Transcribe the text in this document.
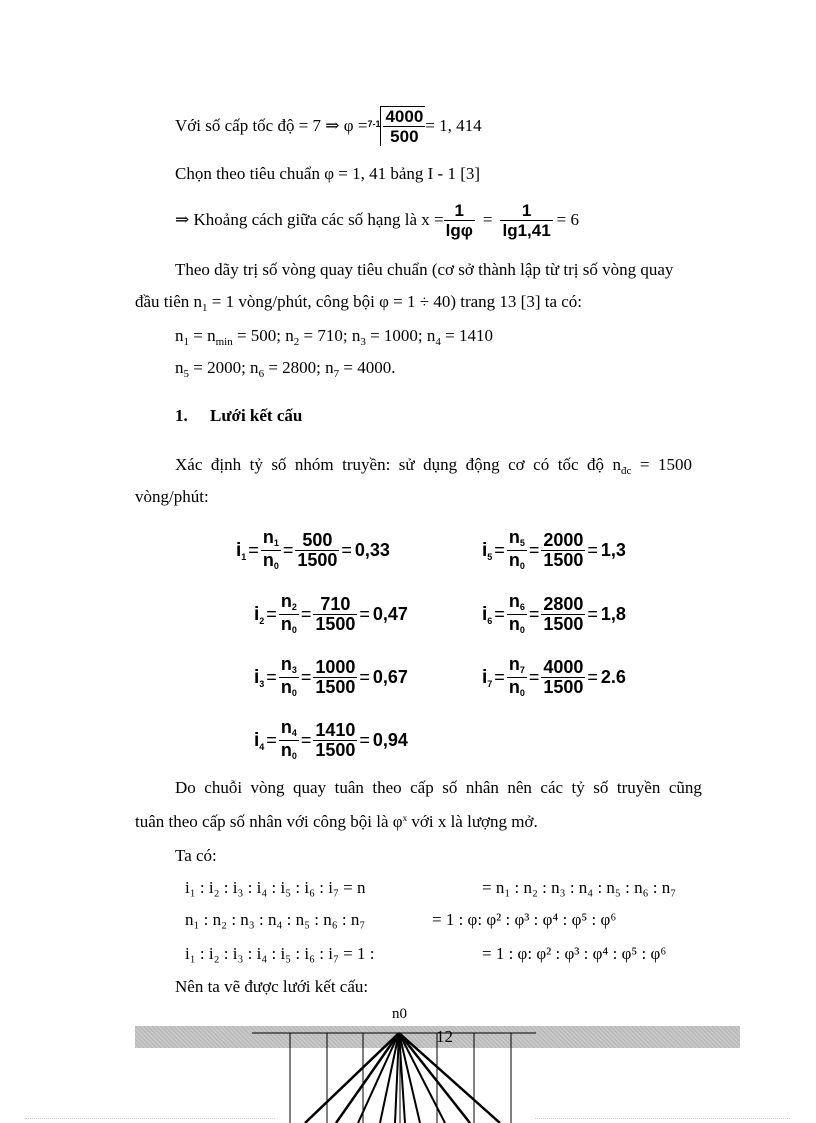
Với số cấp tốc độ = 7 ⇒ $\varphi = 7-1 \frac{4000}{500} = 1$, 414
Chọn theo tiêu chuẩn φ = 1, 41 bảng I - 1 [3]
⇒ Khoảng cách giữa các số hạng là $x = \frac{1}{\lg\varphi} = \frac{1}{\lg 1,41} = 6$
Theo dãy trị số vòng quay tiêu chuẩn (cơ sở thành lập từ trị số vòng quay
đầu tiên $n_1 = 1$ vòng/phút, công bội φ = 1 ÷ 40) trang 13 [3] ta có:
$n_1 = n_{min} = 500$; $n_2 = 710$; $n_3 = 1000$; $n_4 = 1410$
$n_5 = 2000$; $n_6 = 2800$; $n_7 = 4000$.
1. Lưới kết cấu
Xác  định  tỷ  số  nhóm  truyền:  sử  dụng  động  cơ  có  tốc  độ  $n_{đc} = 1500$
vòng/phút:
i $1 = \frac{n1}{n0} = \frac{500}{1500} = 0,33$
i $2 = \frac{n2}{n0} = \frac{710}{1500} = 0,47$
i $3 = \frac{n3}{n0} = \frac{1000}{1500} = 0,67$
i $4 = \frac{n4}{n0} = \frac{1410}{1500} = 0,94$
i $5 = \frac{n5}{n0} = \frac{2000}{1500} = 1,3$
i $6 = \frac{n6}{n0} = \frac{2800}{1500} = 1,8$
i $7 = \frac{n7}{n0} = \frac{4000}{1500} = 2.6$
Do  chuỗi  vòng  quay  tuân  theo  cấp  số  nhân  nên  các  tỷ  số  truyền  cũng
tuân theo cấp số nhân với công bội là $\varphi^x$ với x là lượng mở.
Ta có:
i₁ : i₂ : i₃ : i₄ : i₅ : i₆ : i₇ = n	= n₁ : n₂ : n₃ : n₄ : n₅ : n₆ : n₇
n₁ : n₂ : n₃ : n₄ : n₅ : n₆ : n₇	= 1 : φ: φ² : φ³ : φ⁴ : φ⁵ : φ⁶
i₁ : i₂ : i₃ : i₄ : i₅ : i₆ : i₇ = 1 :	= 1 : φ: φ² : φ³ : φ⁴ : φ⁵ : φ⁶
Nên ta vẽ được lưới kết cấu:
12
n0
